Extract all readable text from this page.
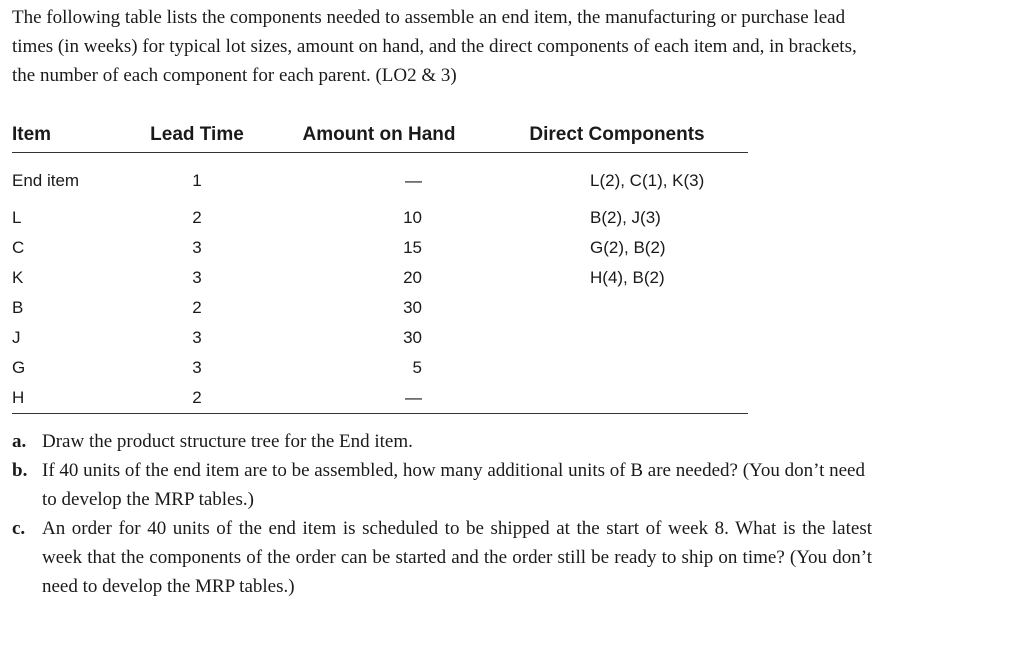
The following table lists the components needed to assemble an end item, the manufacturing or purchase lead times (in weeks) for typical lot sizes, amount on hand, and the direct components of each item and, in brackets, the number of each component for each parent. (LO2 & 3)

Item	Lead Time	Amount on Hand	Direct Components
End item	1	—	L(2), C(1), K(3)
L	2	10	B(2), J(3)
C	3	15	G(2), B(2)
K	3	20	H(4), B(2)
B	2	30	
J	3	30	
G	3	5	
H	2	—	
a. Draw the product structure tree for the End item.
b. If 40 units of the end item are to be assembled, how many additional units of B are needed? (You don’t need to develop the MRP tables.)
c. An order for 40 units of the end item is scheduled to be shipped at the start of week 8. What is the latest week that the components of the order can be started and the order still be ready to ship on time? (You don’t need to develop the MRP tables.)
